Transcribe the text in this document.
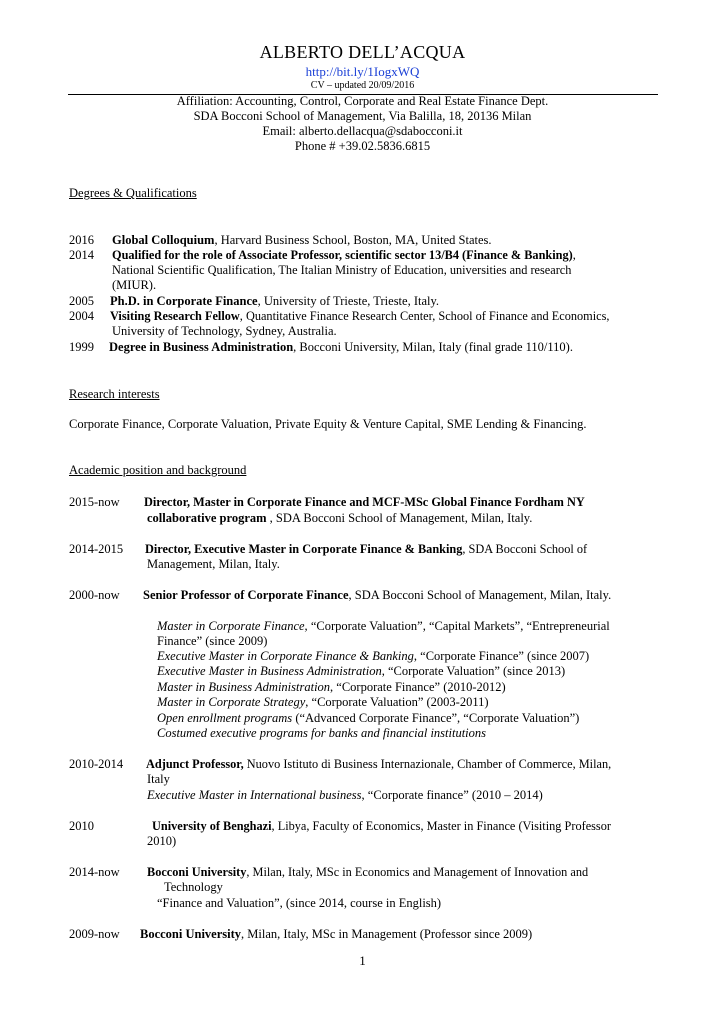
ALBERTO DELL’ACQUA
http://bit.ly/1IogxWQ
CV – updated 20/09/2016
Affiliation: Accounting, Control, Corporate and Real Estate Finance Dept.
SDA Bocconi School of Management, Via Balilla, 18, 20136 Milan
Email: alberto.dellacqua@sdabocconi.it
Phone # +39.02.5836.6815
Degrees & Qualifications
2016 Global Colloquium, Harvard Business School, Boston, MA, United States.
2014 Qualified for the role of Associate Professor, scientific sector 13/B4 (Finance & Banking),
National Scientific Qualification, The Italian Ministry of Education, universities and research
(MIUR).
2005 Ph.D. in Corporate Finance, University of Trieste, Trieste, Italy.
2004 Visiting Research Fellow, Quantitative Finance Research Center, School of Finance and Economics,
University of Technology, Sydney, Australia.
1999 Degree in Business Administration, Bocconi University, Milan, Italy (final grade 110/110).
Research interests
Corporate Finance, Corporate Valuation, Private Equity & Venture Capital, SME Lending & Financing.
Academic position and background
2015-now Director, Master in Corporate Finance and MCF-MSc Global Finance Fordham NY
collaborative program , SDA Bocconi School of Management, Milan, Italy.
2014-2015 Director, Executive Master in Corporate Finance & Banking, SDA Bocconi School of
Management, Milan, Italy.
2000-now Senior Professor of Corporate Finance, SDA Bocconi School of Management, Milan, Italy.
Master in Corporate Finance, “Corporate Valuation”, “Capital Markets”, “Entrepreneurial
Finance” (since 2009)
Executive Master in Corporate Finance & Banking, “Corporate Finance” (since 2007)
Executive Master in Business Administration, “Corporate Valuation” (since 2013)
Master in Business Administration, “Corporate Finance” (2010-2012)
Master in Corporate Strategy, “Corporate Valuation” (2003-2011)
Open enrollment programs (“Advanced Corporate Finance”, “Corporate Valuation”)
Costumed executive programs for banks and financial institutions
2010-2014 Adjunct Professor, Nuovo Istituto di Business Internazionale, Chamber of Commerce, Milan,
Italy
Executive Master in International business, “Corporate finance” (2010 – 2014)
2010	University of Benghazi, Libya, Faculty of Economics, Master in Finance (Visiting Professor
2010)
2014-now Bocconi University, Milan, Italy, MSc in Economics and Management of Innovation and
Technology
“Finance and Valuation”, (since 2014, course in English)
2009-now Bocconi University, Milan, Italy, MSc in Management (Professor since 2009)
1
